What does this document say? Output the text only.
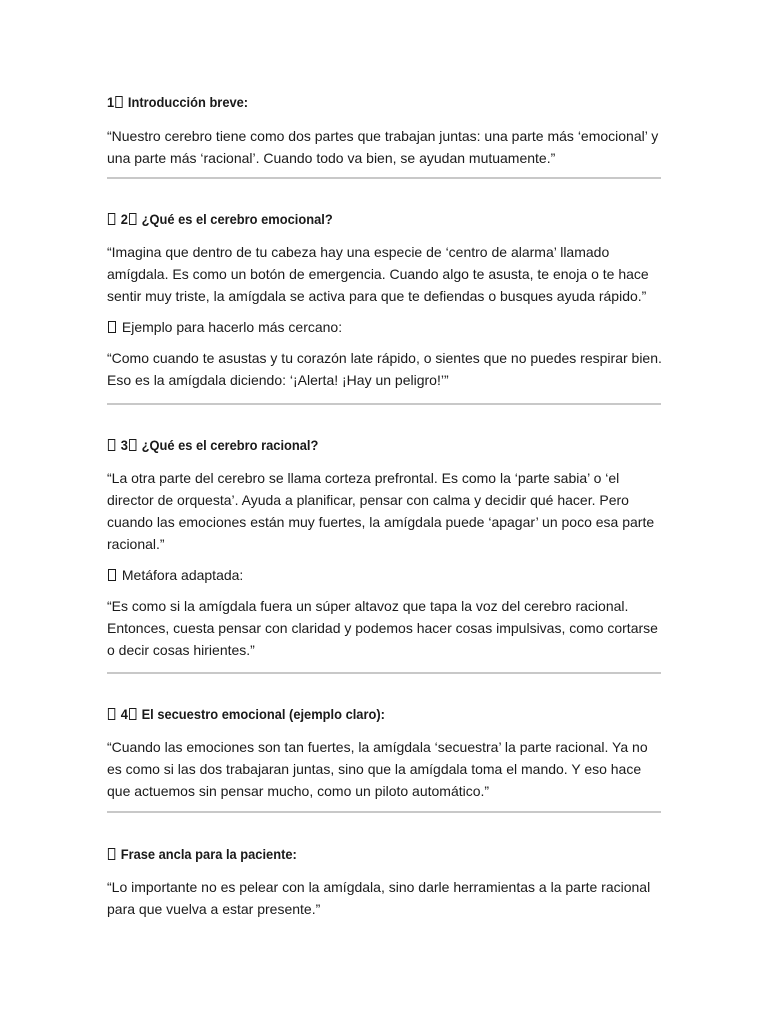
1 Introducción breve:

“Nuestro cerebro tiene como dos partes que trabajan juntas: una parte más ‘emocional’ y una parte más ‘racional’. Cuando todo va bien, se ayudan mutuamente.”

2 ¿Qué es el cerebro emocional?

“Imagina que dentro de tu cabeza hay una especie de ‘centro de alarma’ llamado amígdala. Es como un botón de emergencia. Cuando algo te asusta, te enoja o te hace sentir muy triste, la amígdala se activa para que te defiendas o busques ayuda rápido.”

Ejemplo para hacerlo más cercano:

“Como cuando te asustas y tu corazón late rápido, o sientes que no puedes respirar bien. Eso es la amígdala diciendo: ‘¡Alerta! ¡Hay un peligro!’”

3 ¿Qué es el cerebro racional?

“La otra parte del cerebro se llama corteza prefrontal. Es como la ‘parte sabia’ o ‘el director de orquesta’. Ayuda a planificar, pensar con calma y decidir qué hacer. Pero cuando las emociones están muy fuertes, la amígdala puede ‘apagar’ un poco esa parte racional.”

Metáfora adaptada:

“Es como si la amígdala fuera un súper altavoz que tapa la voz del cerebro racional. Entonces, cuesta pensar con claridad y podemos hacer cosas impulsivas, como cortarse o decir cosas hirientes.”

4 El secuestro emocional (ejemplo claro):

“Cuando las emociones son tan fuertes, la amígdala ‘secuestra’ la parte racional. Ya no es como si las dos trabajaran juntas, sino que la amígdala toma el mando. Y eso hace que actuemos sin pensar mucho, como un piloto automático.”

Frase ancla para la paciente:

“Lo importante no es pelear con la amígdala, sino darle herramientas a la parte racional para que vuelva a estar presente.”
